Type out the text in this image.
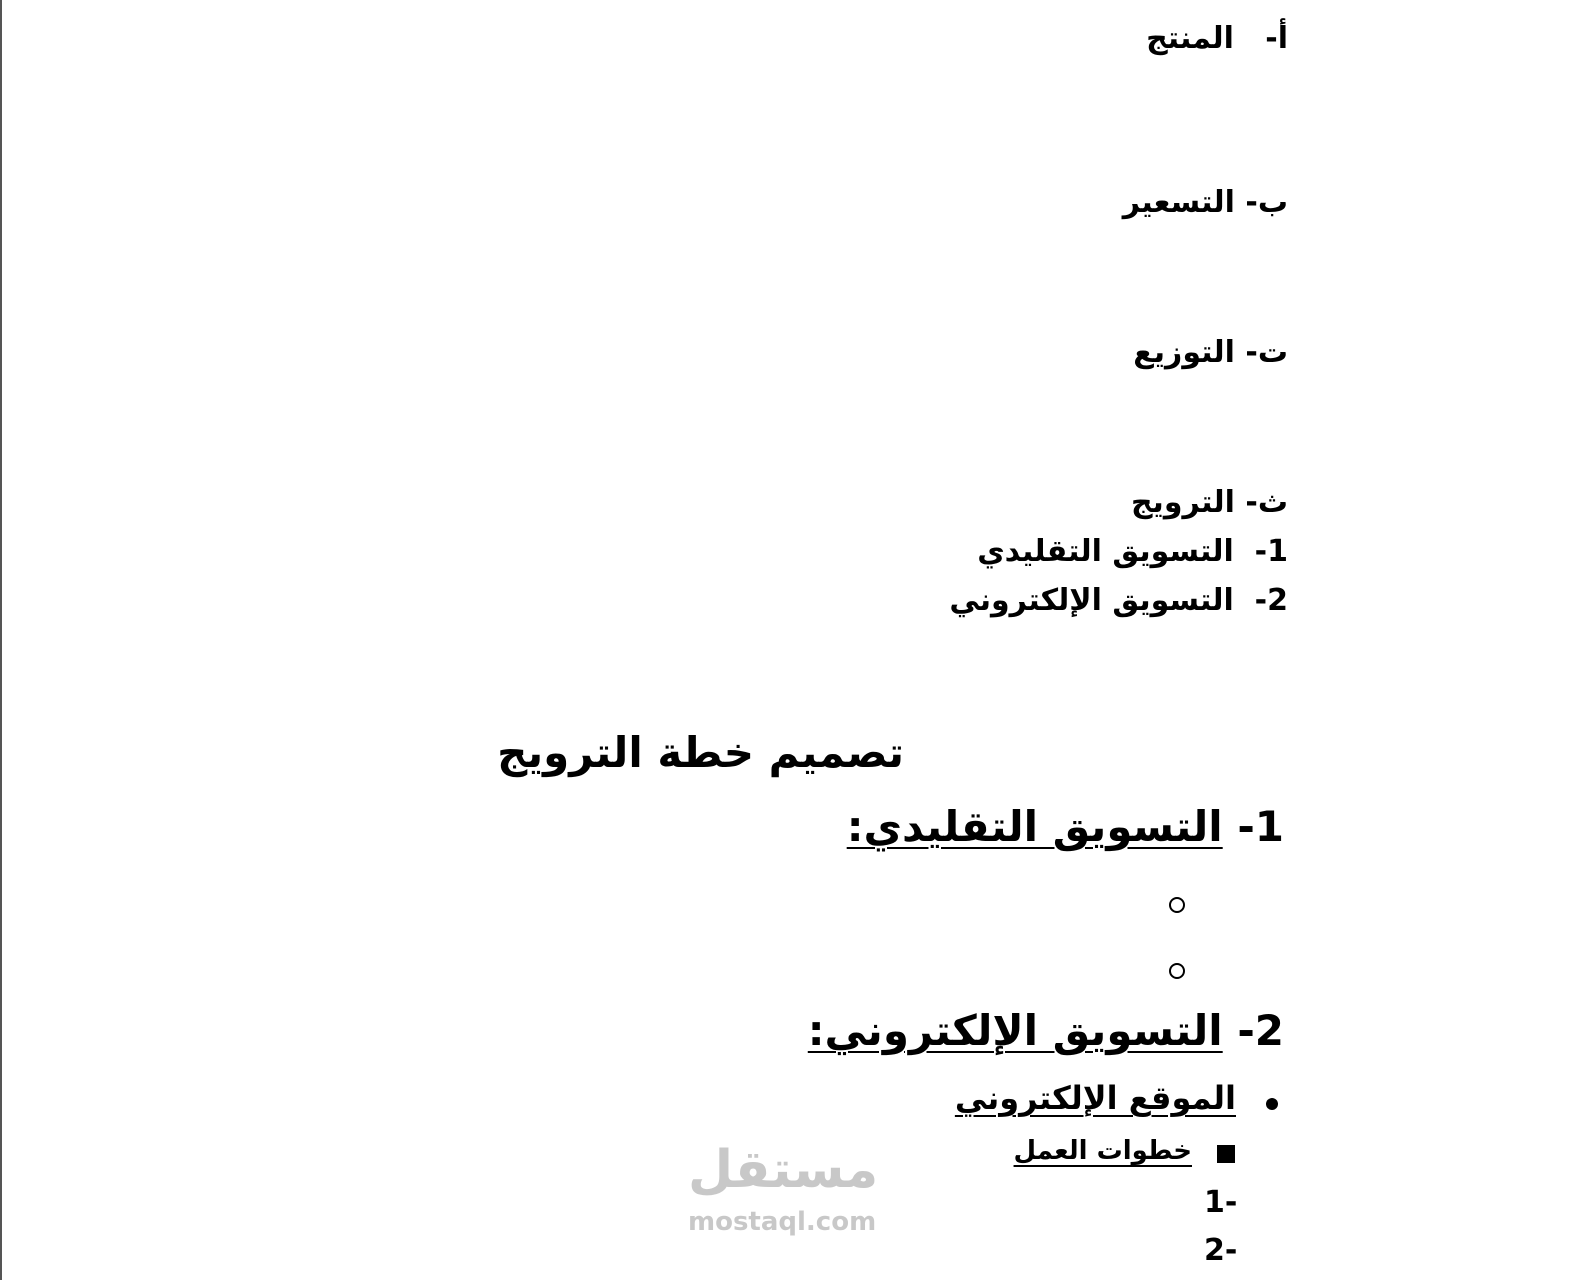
أ-   المنتج
ب- التسعير
ت- التوزيع
ث- الترويج
1-  التسويق التقليدي
2-  التسويق الإلكتروني
تصميم خطة الترويج
1- التسويق التقليدي:
2- التسويق الإلكتروني:
الموقع الإلكتروني
خطوات العمل
1-
2-
مستقل
mostaql.com
